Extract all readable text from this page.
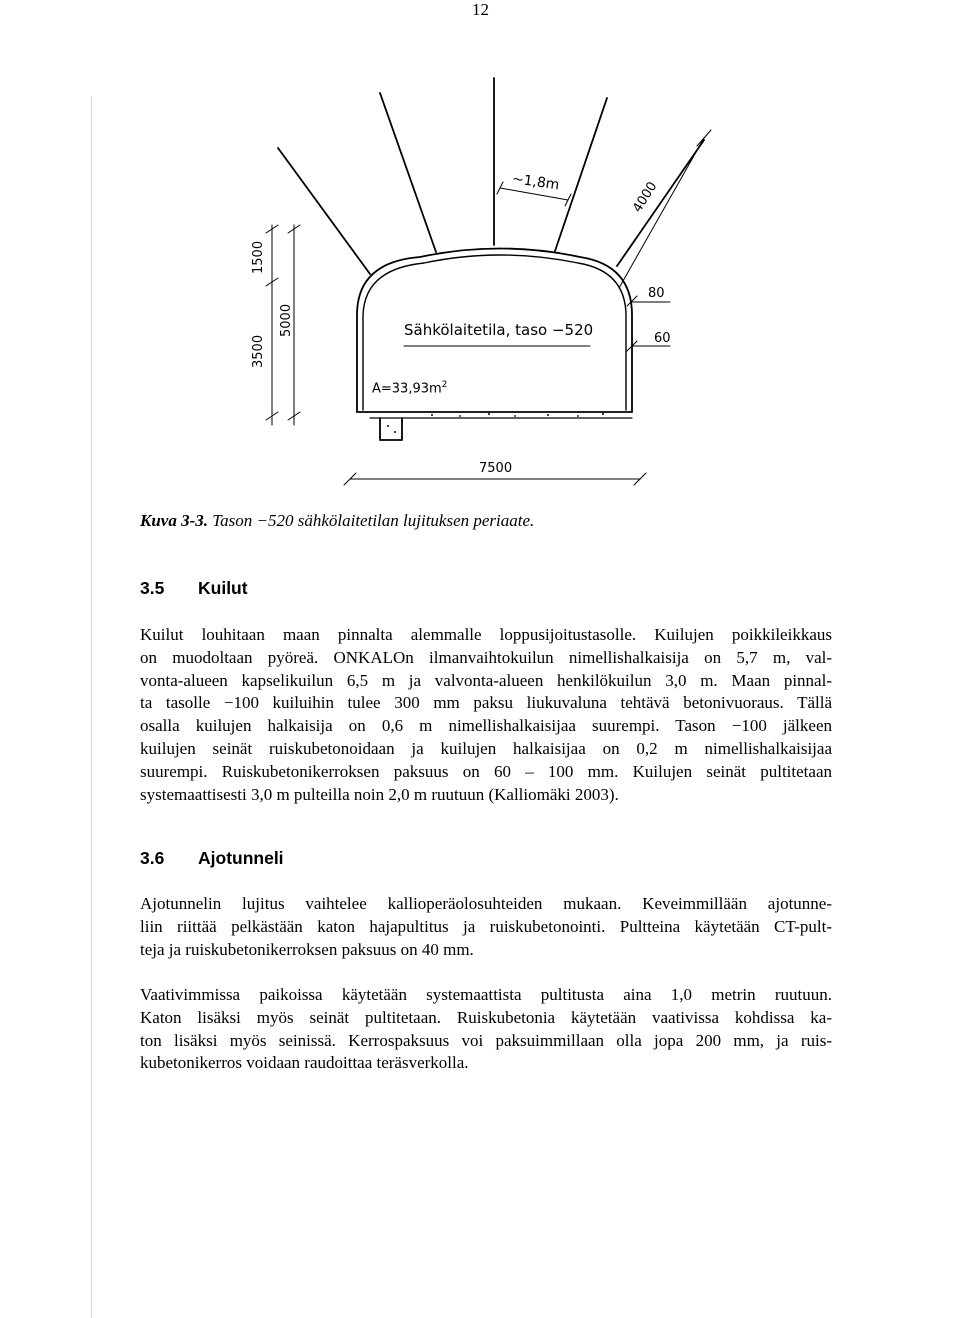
12
1500
3500
5000
~1,8m	4000
80
60
7500
Sähkölaitetila, taso −520
$A=33,93m^2$
Kuva 3-3. Tason −520 sähkölaitetilan lujituksen periaate.
3.5 Kuilut
Kuilut louhitaan maan pinnalta alemmalle loppusijoitustasolle. Kuilujen poikkileikkaus
on muodoltaan pyöreä. ONKALOn ilmanvaihtokuilun nimellishalkaisija on 5,7 m, val-
vonta-alueen kapselikuilun 6,5 m ja valvonta-alueen henkilökuilun 3,0 m. Maan pinnal-
ta tasolle −100 kuiluihin tulee 300 mm paksu liukuvaluna tehtävä betonivuoraus. Tällä
osalla kuilujen halkaisija on 0,6 m nimellishalkaisijaa suurempi. Tason −100 jälkeen
kuilujen seinät ruiskubetonoidaan ja kuilujen halkaisijaa on 0,2 m nimellishalkaisijaa
suurempi. Ruiskubetonikerroksen paksuus on 60 – 100 mm. Kuilujen seinät pultitetaan
systemaattisesti 3,0 m pulteilla noin 2,0 m ruutuun (Kalliomäki 2003).
3.6 Ajotunneli
Ajotunnelin lujitus vaihtelee kallioperäolosuhteiden mukaan. Keveimmillään ajotunne-
liin riittää pelkästään katon hajapultitus ja ruiskubetonointi. Pultteina käytetään CT-pult-
teja ja ruiskubetonikerroksen paksuus on 40 mm.
Vaativimmissa paikoissa käytetään systemaattista pultitusta aina 1,0 metrin ruutuun.
Katon lisäksi myös seinät pultitetaan. Ruiskubetonia käytetään vaativissa kohdissa ka-
ton lisäksi myös seinissä. Kerrospaksuus voi paksuimmillaan olla jopa 200 mm, ja ruis-
kubetonikerros voidaan raudoittaa teräsverkolla.
